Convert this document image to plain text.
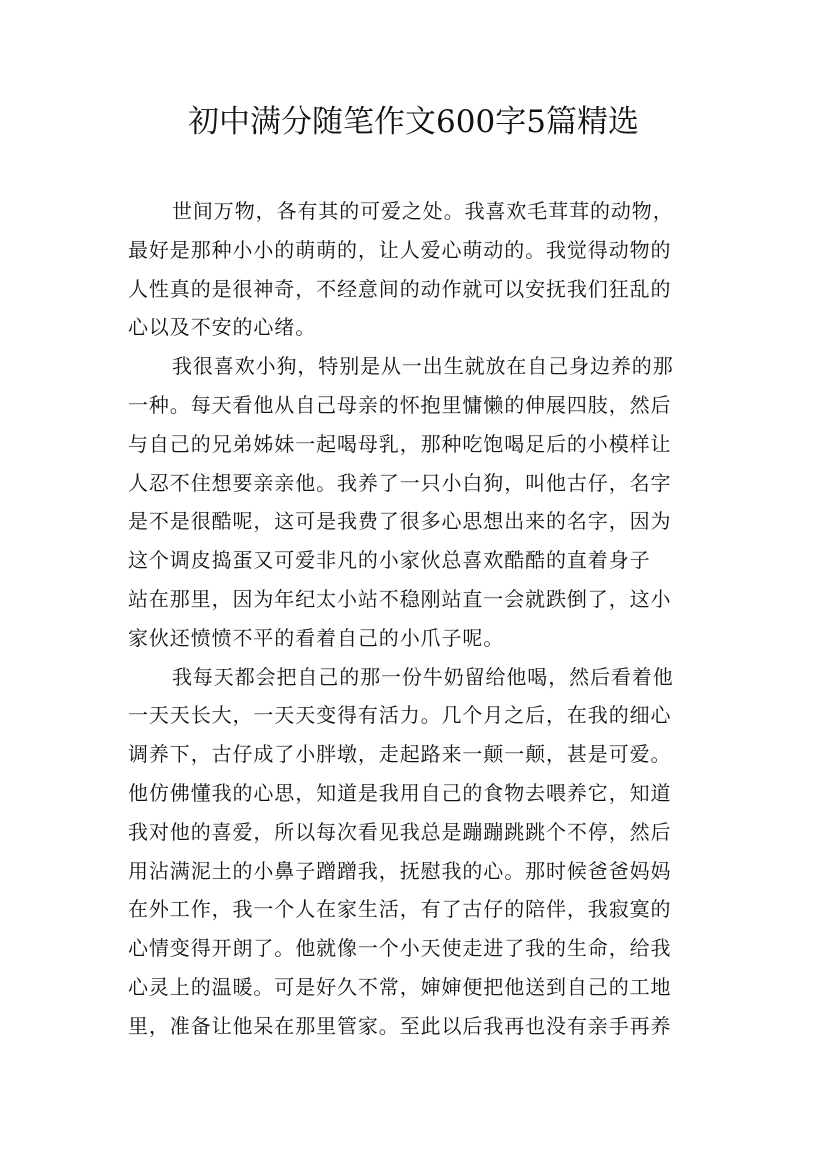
初中满分随笔作文600字5篇精选
世间万物，各有其的可爱之处。我喜欢毛茸茸的动物，
最好是那种小小的萌萌的，让人爱心萌动的。我觉得动物的
人性真的是很神奇，不经意间的动作就可以安抚我们狂乱的
心以及不安的心绪。
我很喜欢小狗，特别是从一出生就放在自己身边养的那
一种。每天看他从自己母亲的怀抱里慵懒的伸展四肢，然后
与自己的兄弟姊妹一起喝母乳，那种吃饱喝足后的小模样让
人忍不住想要亲亲他。我养了一只小白狗，叫他古仔，名字
是不是很酷呢，这可是我费了很多心思想出来的名字，因为
这个调皮捣蛋又可爱非凡的小家伙总喜欢酷酷的直着身子
站在那里，因为年纪太小站不稳刚站直一会就跌倒了，这小
家伙还愤愤不平的看着自己的小爪子呢。
我每天都会把自己的那一份牛奶留给他喝，然后看着他
一天天长大，一天天变得有活力。几个月之后，在我的细心
调养下，古仔成了小胖墩，走起路来一颠一颠，甚是可爱。
他仿佛懂我的心思，知道是我用自己的食物去喂养它，知道
我对他的喜爱，所以每次看见我总是蹦蹦跳跳个不停，然后
用沾满泥土的小鼻子蹭蹭我，抚慰我的心。那时候爸爸妈妈
在外工作，我一个人在家生活，有了古仔的陪伴，我寂寞的
心情变得开朗了。他就像一个小天使走进了我的生命，给我
心灵上的温暖。可是好久不常，婶婶便把他送到自己的工地
里，准备让他呆在那里管家。至此以后我再也没有亲手再养
